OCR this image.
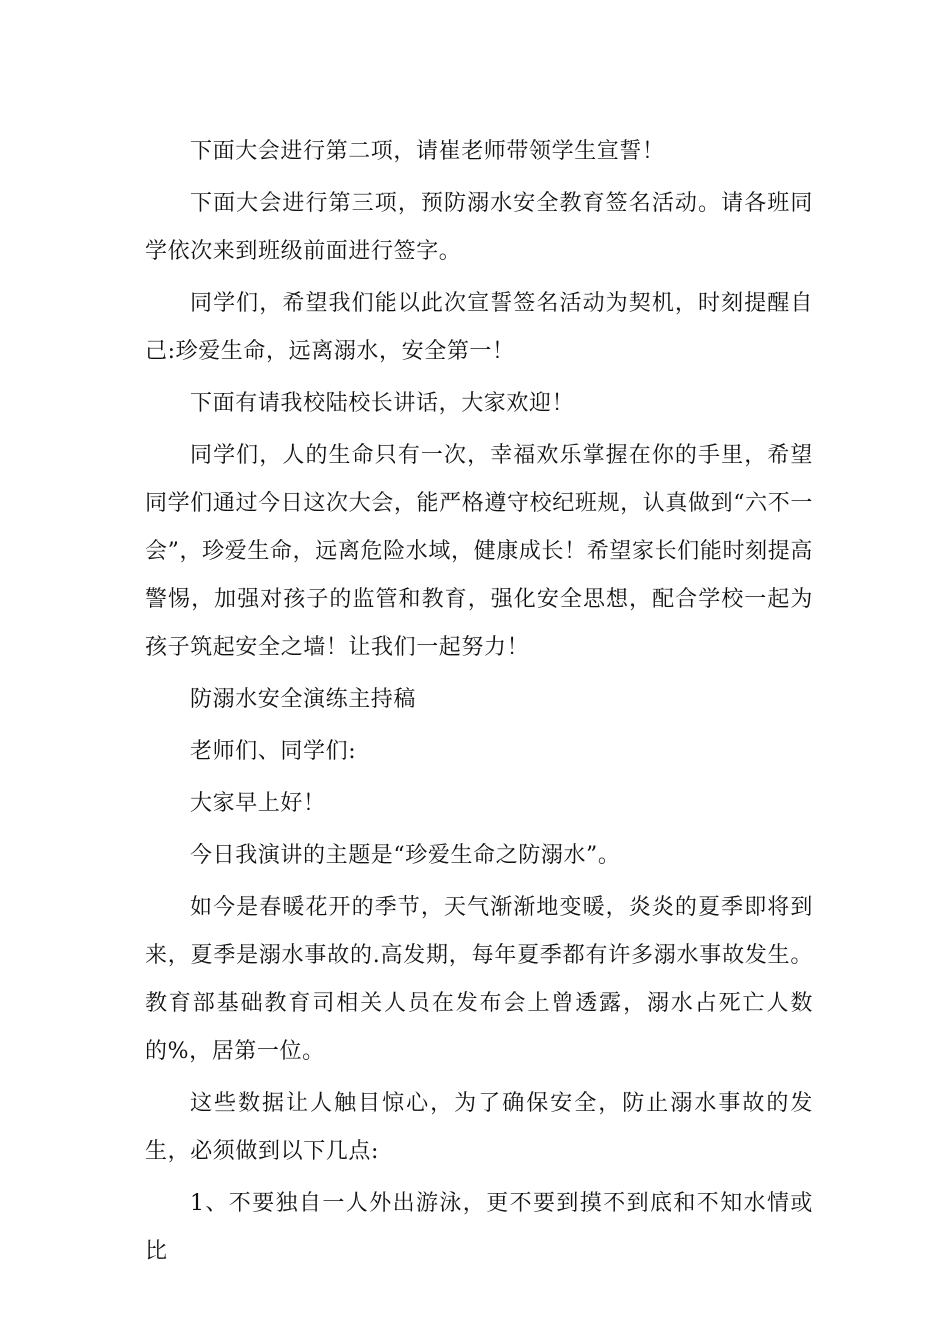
下面大会进行第二项，请崔老师带领学生宣誓！

下面大会进行第三项，预防溺水安全教育签名活动。请各班同学依次来到班级前面进行签字。

同学们，希望我们能以此次宣誓签名活动为契机，时刻提醒自己:珍爱生命，远离溺水，安全第一！

下面有请我校陆校长讲话，大家欢迎！

同学们，人的生命只有一次，幸福欢乐掌握在你的手里，希望同学们通过今日这次大会，能严格遵守校纪班规，认真做到“六不一会”，珍爱生命，远离危险水域，健康成长！希望家长们能时刻提高警惕，加强对孩子的监管和教育，强化安全思想，配合学校一起为孩子筑起安全之墙！让我们一起努力！

防溺水安全演练主持稿

老师们、同学们:

大家早上好！

今日我演讲的主题是“珍爱生命之防溺水”。

如今是春暖花开的季节，天气渐渐地变暖，炎炎的夏季即将到来，夏季是溺水事故的.高发期，每年夏季都有许多溺水事故发生。教育部基础教育司相关人员在发布会上曾透露，溺水占死亡人数的%，居第一位。

这些数据让人触目惊心，为了确保安全，防止溺水事故的发生，必须做到以下几点:

1、不要独自一人外出游泳，更不要到摸不到底和不知水情或比
